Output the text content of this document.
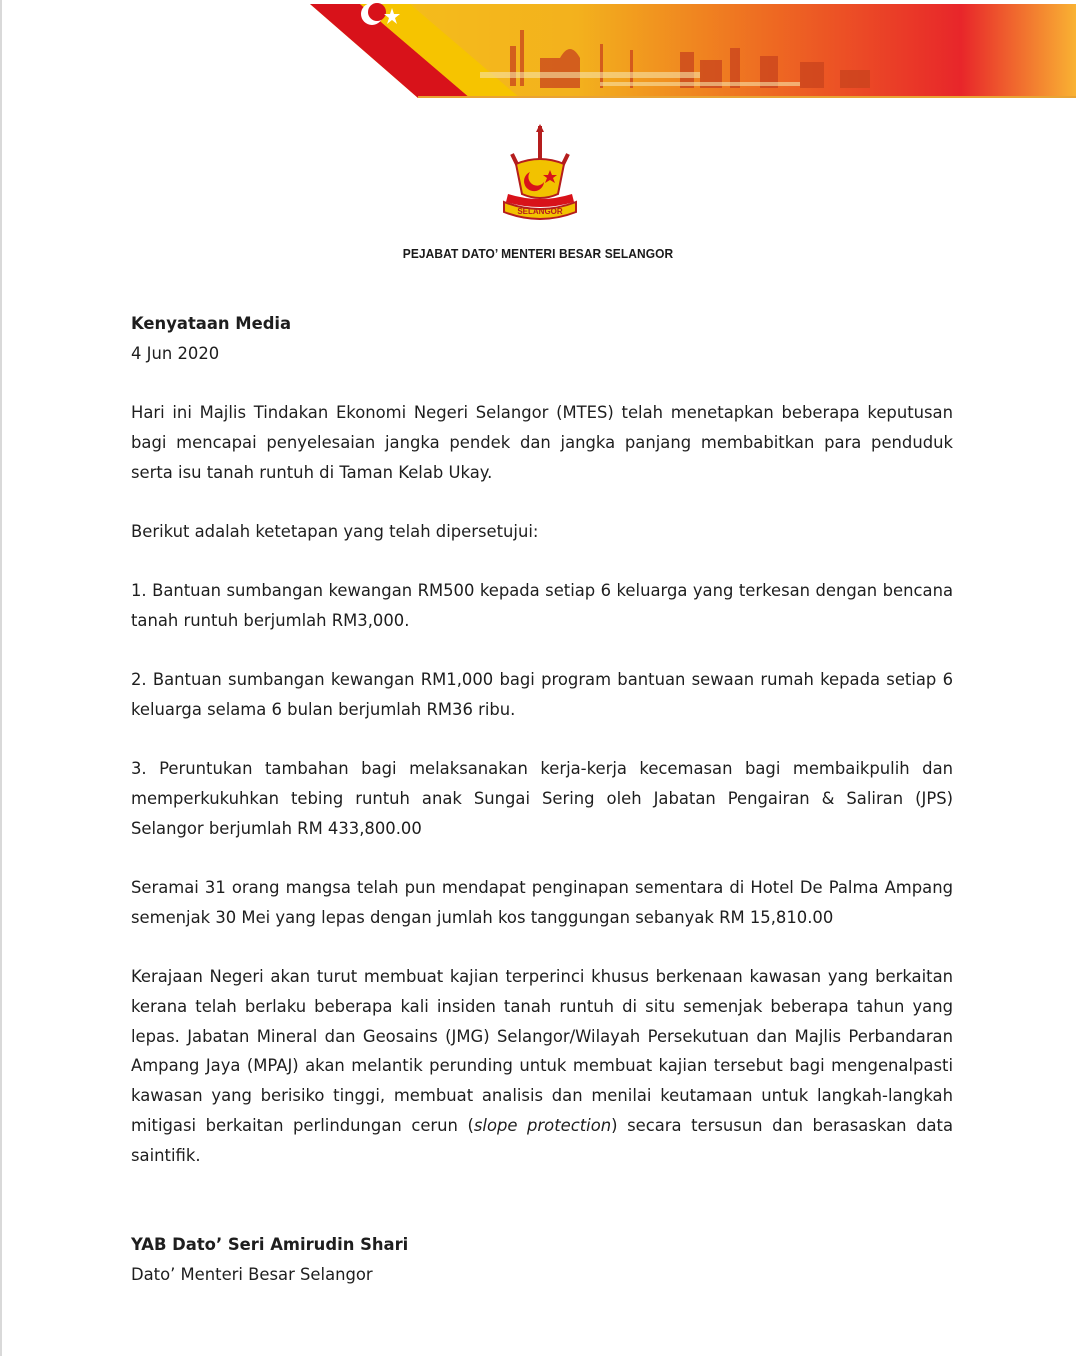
SELANGOR
PEJABAT DATO’ MENTERI BESAR SELANGOR

Kenyataan Media

4 Jun 2020

Hari ini Majlis Tindakan Ekonomi Negeri Selangor (MTES) telah menetapkan beberapa keputusan bagi mencapai penyelesaian jangka pendek dan jangka panjang membabitkan para penduduk serta isu tanah runtuh di Taman Kelab Ukay.

Berikut adalah ketetapan yang telah dipersetujui:

1. Bantuan sumbangan kewangan RM500 kepada setiap 6 keluarga yang terkesan dengan bencana tanah runtuh berjumlah RM3,000.

2. Bantuan sumbangan kewangan RM1,000 bagi program bantuan sewaan rumah kepada setiap 6 keluarga selama 6 bulan berjumlah RM36 ribu.

3. Peruntukan tambahan bagi melaksanakan kerja-kerja kecemasan bagi membaikpulih dan memperkukuhkan tebing runtuh anak Sungai Sering oleh Jabatan Pengairan & Saliran (JPS) Selangor berjumlah RM 433,800.00

Seramai 31 orang mangsa telah pun mendapat penginapan sementara di Hotel De Palma Ampang semenjak 30 Mei yang lepas dengan jumlah kos tanggungan sebanyak RM 15,810.00

Kerajaan Negeri akan turut membuat kajian terperinci khusus berkenaan kawasan yang berkaitan kerana telah berlaku beberapa kali insiden tanah runtuh di situ semenjak beberapa tahun yang lepas. Jabatan Mineral dan Geosains (JMG) Selangor/Wilayah Persekutuan dan Majlis Perbandaran Ampang Jaya (MPAJ) akan melantik perunding untuk membuat kajian tersebut bagi mengenalpasti kawasan yang berisiko tinggi, membuat analisis dan menilai keutamaan untuk langkah-langkah mitigasi berkaitan perlindungan cerun (slope protection) secara tersusun dan berasaskan data saintifik.

YAB Dato’ Seri Amirudin Shari
Dato’ Menteri Besar Selangor
